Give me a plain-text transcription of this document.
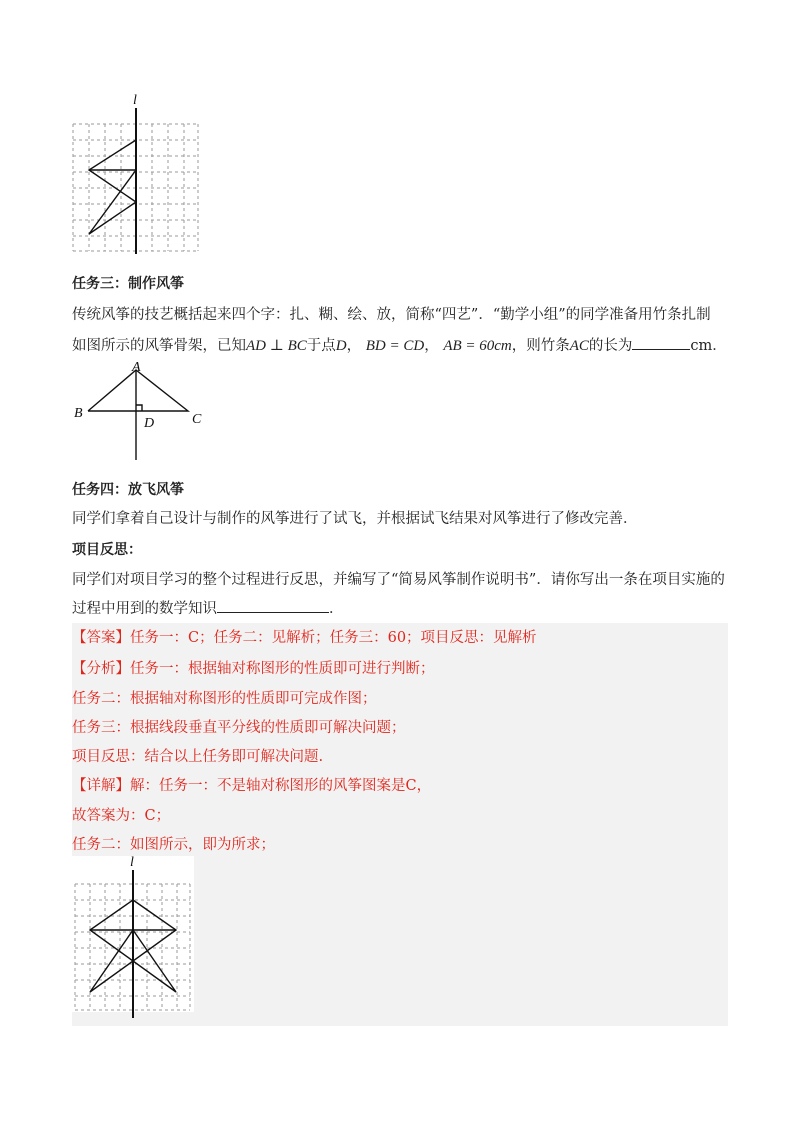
l
任务三：制作风筝
传统风筝的技艺概括起来四个字：扎、糊、绘、放，简称“四艺”．“勤学小组”的同学准备用竹条扎制
如图所示的风筝骨架，已知AD ⊥ BC于点D， BD = CD， AB = 60cm，则竹条AC的长为	cm．
A
B	C
D
任务四：放飞风筝
同学们拿着自己设计与制作的风筝进行了试飞，并根据试飞结果对风筝进行了修改完善．
项目反思：
同学们对项目学习的整个过程进行反思，并编写了“简易风筝制作说明书”．请你写出一条在项目实施的
过程中用到的数学知识	．
【答案】任务一：C；任务二：见解析；任务三：60；项目反思：见解析
【分析】任务一：根据轴对称图形的性质即可进行判断；
任务二：根据轴对称图形的性质即可完成作图；
任务三：根据线段垂直平分线的性质即可解决问题；
项目反思：结合以上任务即可解决问题.
【详解】解：任务一：不是轴对称图形的风筝图案是C，
故答案为：C；
任务二：如图所示，即为所求；
l
